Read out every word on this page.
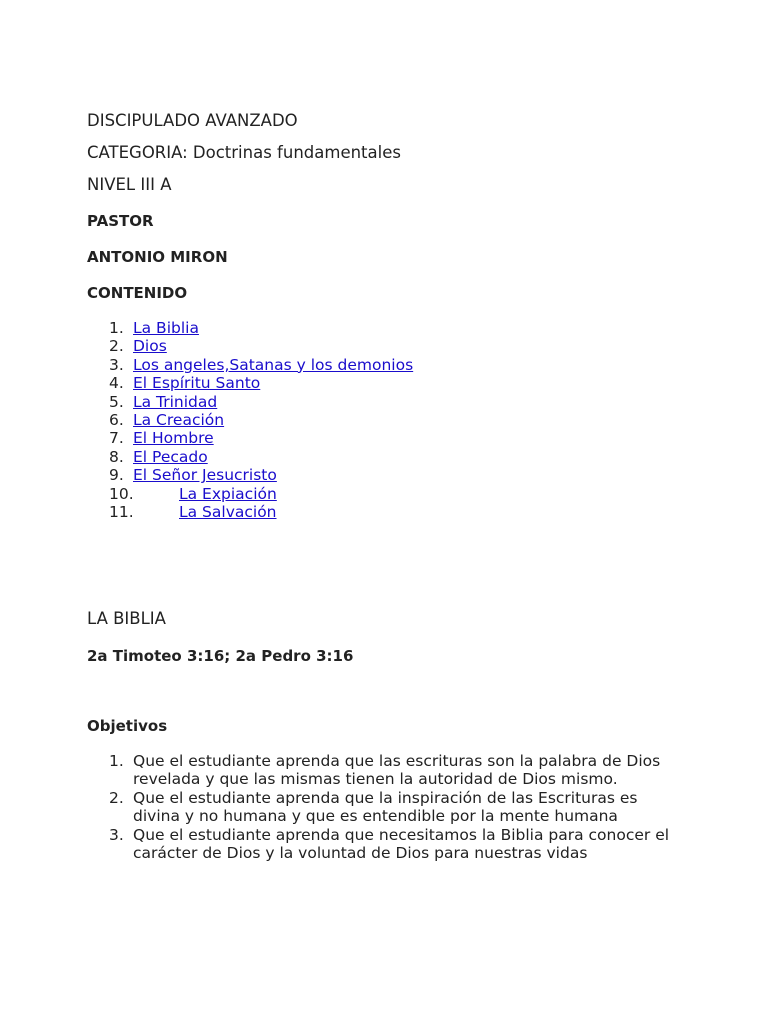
DISCIPULADO AVANZADO

CATEGORIA: Doctrinas fundamentales

NIVEL III A

PASTOR

ANTONIO MIRON

CONTENIDO

1. La Biblia
2. Dios
3. Los angeles,Satanas y los demonios
4. El Espíritu Santo
5. La Trinidad
6. La Creación
7. El Hombre
8. El Pecado
9. El Señor Jesucristo
10.	La Expiación
11.	La Salvación

LA BIBLIA

2a Timoteo 3:16; 2a Pedro 3:16

Objetivos

1. Que el estudiante aprenda que las escrituras son la palabra de Dios revelada y que las mismas tienen la autoridad de Dios mismo.
2. Que el estudiante aprenda que la inspiración de las Escrituras es divina y no humana y que es entendible por la mente humana
3. Que el estudiante aprenda que necesitamos la Biblia para conocer el carácter de Dios y la voluntad de Dios para nuestras vidas
